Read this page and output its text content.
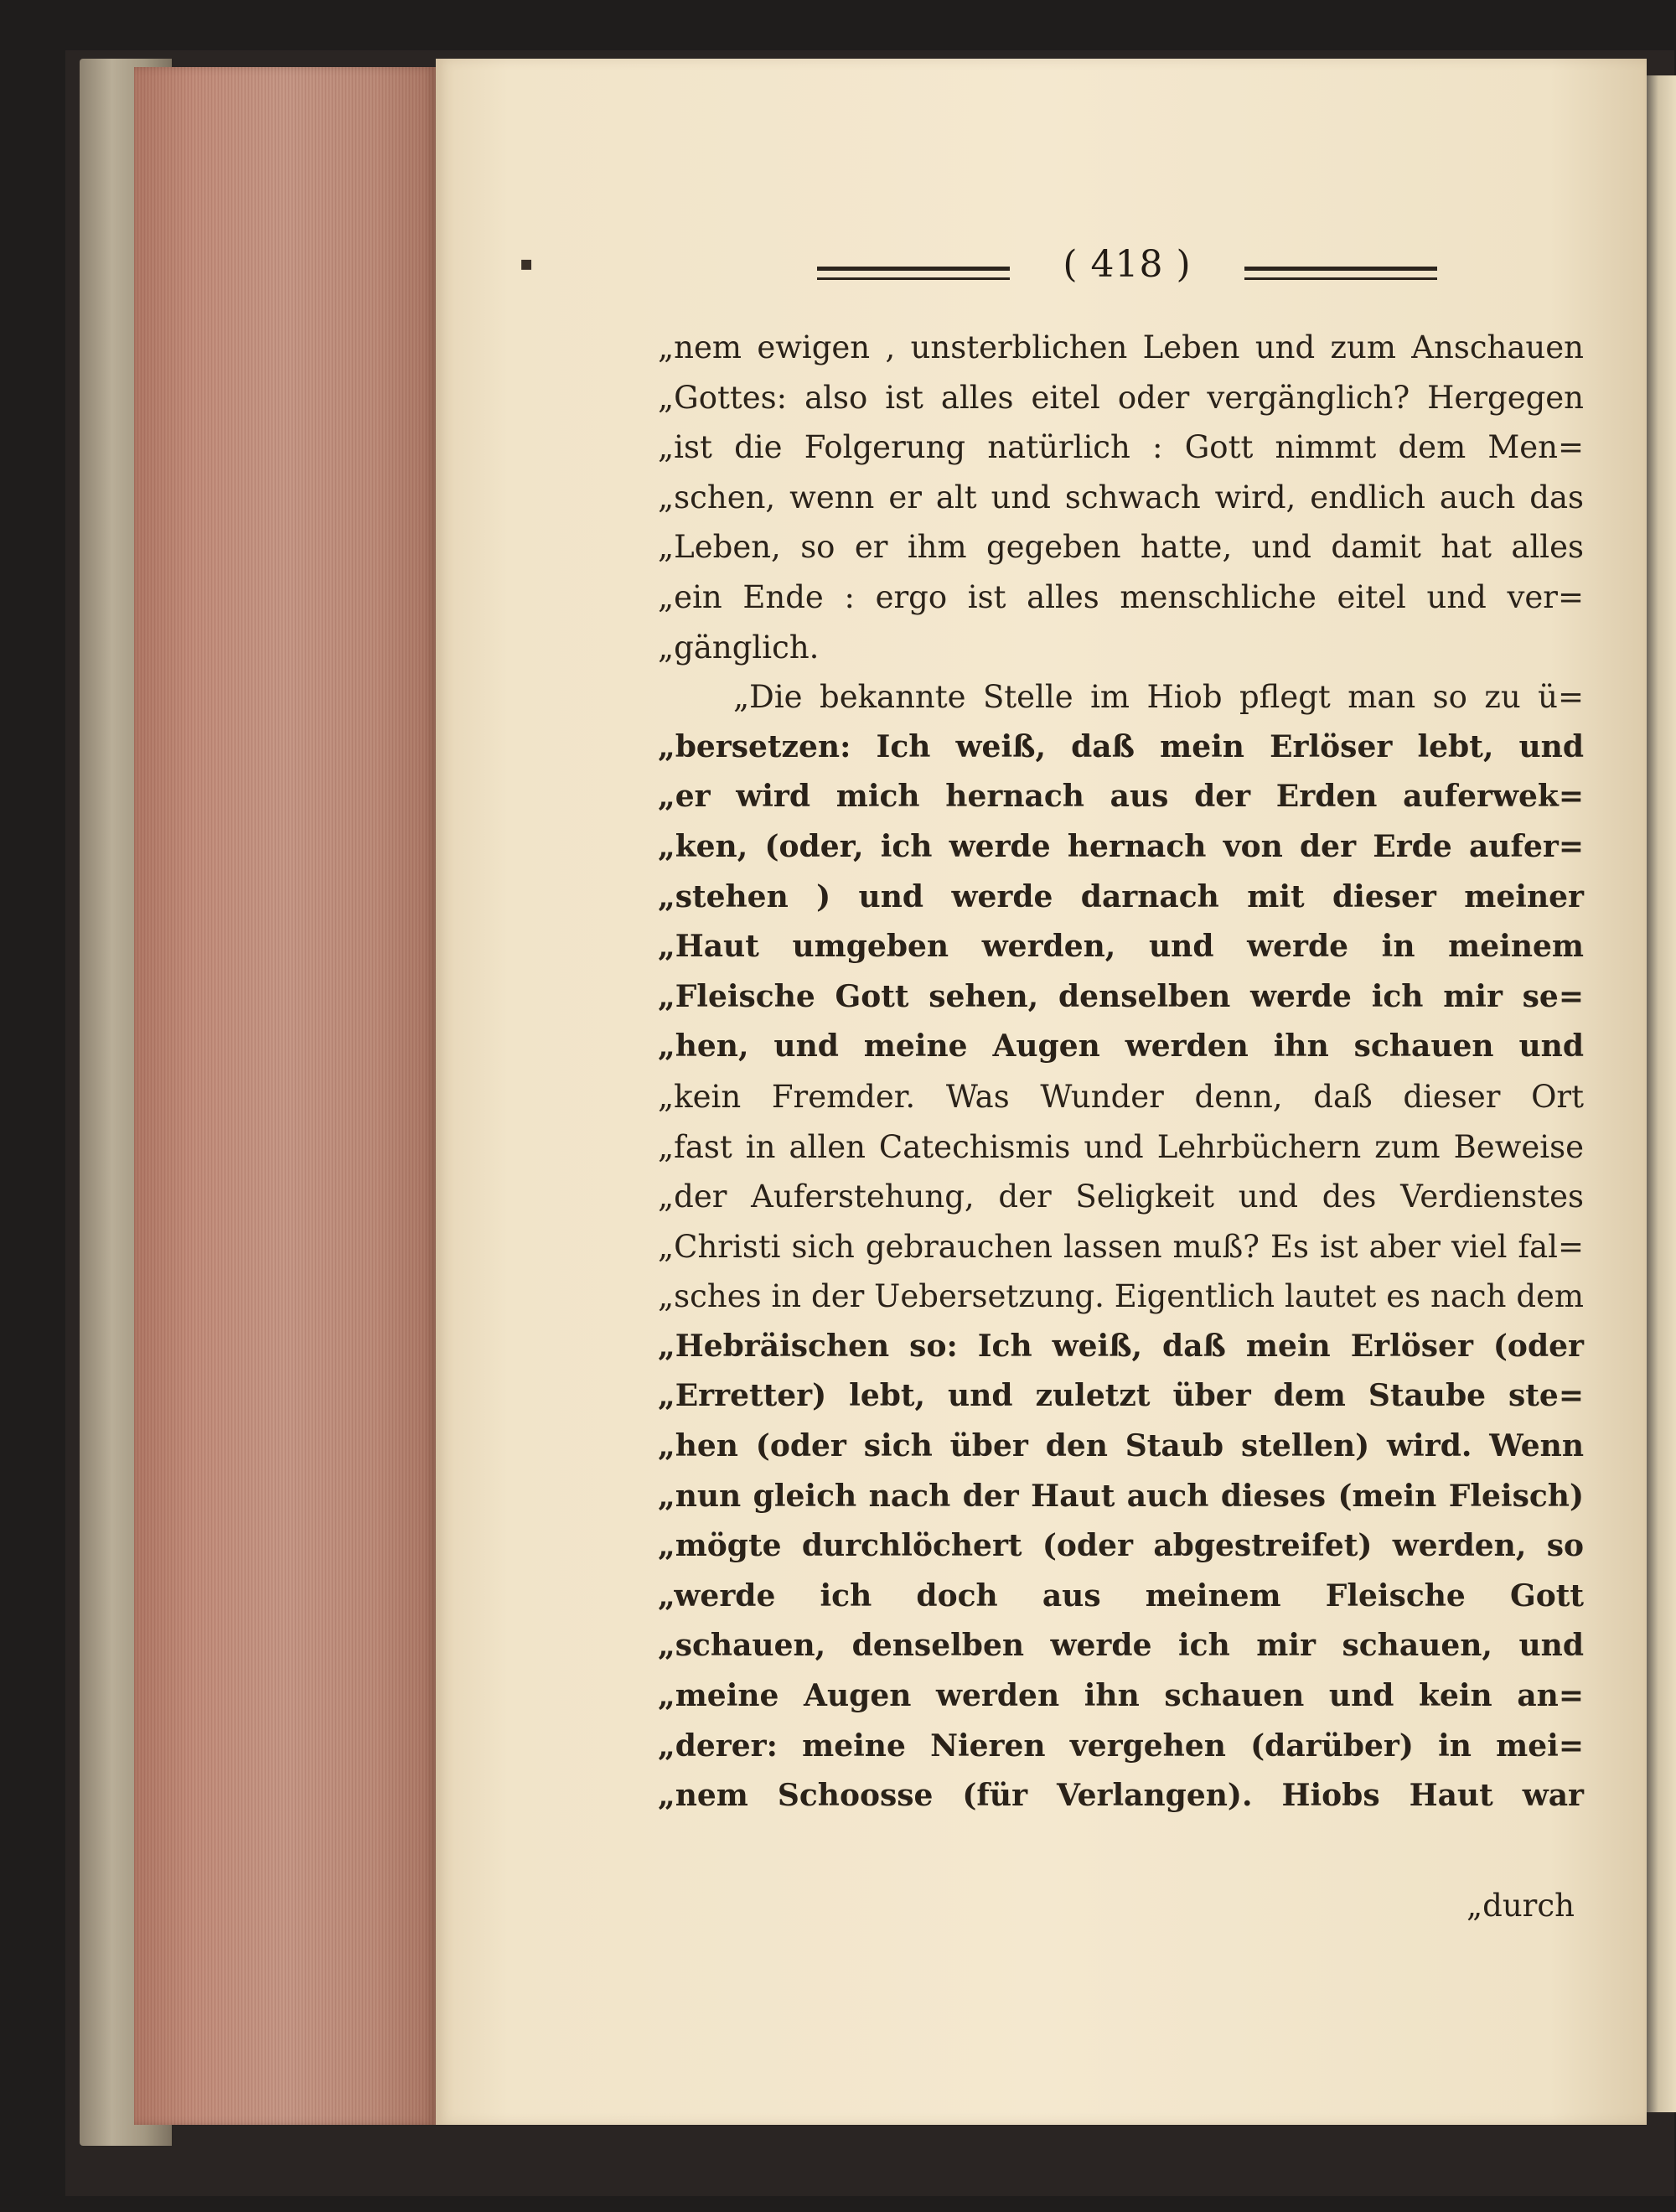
( 418 )
▪
„nem ewigen , unsterblichen Leben und zum Anschauen
„Gottes: also ist alles eitel oder vergänglich? Hergegen
„ist die Folgerung natürlich : Gott nimmt dem Men=
„schen, wenn er alt und schwach wird, endlich auch das
„Leben, so er ihm gegeben hatte, und damit hat alles
„ein Ende : ergo ist alles menschliche eitel und ver=
„gänglich.
„Die bekannte Stelle im Hiob pflegt man so zu ü=
„bersetzen: Ich weiß, daß mein Erlöser lebt, und
„er wird mich hernach aus der Erden auferwek=
„ken, (oder, ich werde hernach von der Erde aufer=
„stehen ) und werde darnach mit dieser meiner
„Haut umgeben werden, und werde in meinem
„Fleische Gott sehen, denselben werde ich mir se=
„hen, und meine Augen werden ihn schauen und
„kein Fremder. Was Wunder denn, daß dieser Ort
„fast in allen Catechismis und Lehrbüchern zum Beweise
„der Auferstehung, der Seligkeit und des Verdienstes
„Christi sich gebrauchen lassen muß? Es ist aber viel fal=
„sches in der Uebersetzung. Eigentlich lautet es nach dem
„Hebräischen so: Ich weiß, daß mein Erlöser (oder
„Erretter) lebt, und zuletzt über dem Staube ste=
„hen (oder sich über den Staub stellen) wird. Wenn
„nun gleich nach der Haut auch dieses (mein Fleisch)
„mögte durchlöchert (oder abgestreifet) werden, so
„werde ich doch aus meinem Fleische Gott
„schauen, denselben werde ich mir schauen, und
„meine Augen werden ihn schauen und kein an=
„derer: meine Nieren vergehen (darüber) in mei=
„nem Schoosse (für Verlangen). Hiobs Haut war
„durch
